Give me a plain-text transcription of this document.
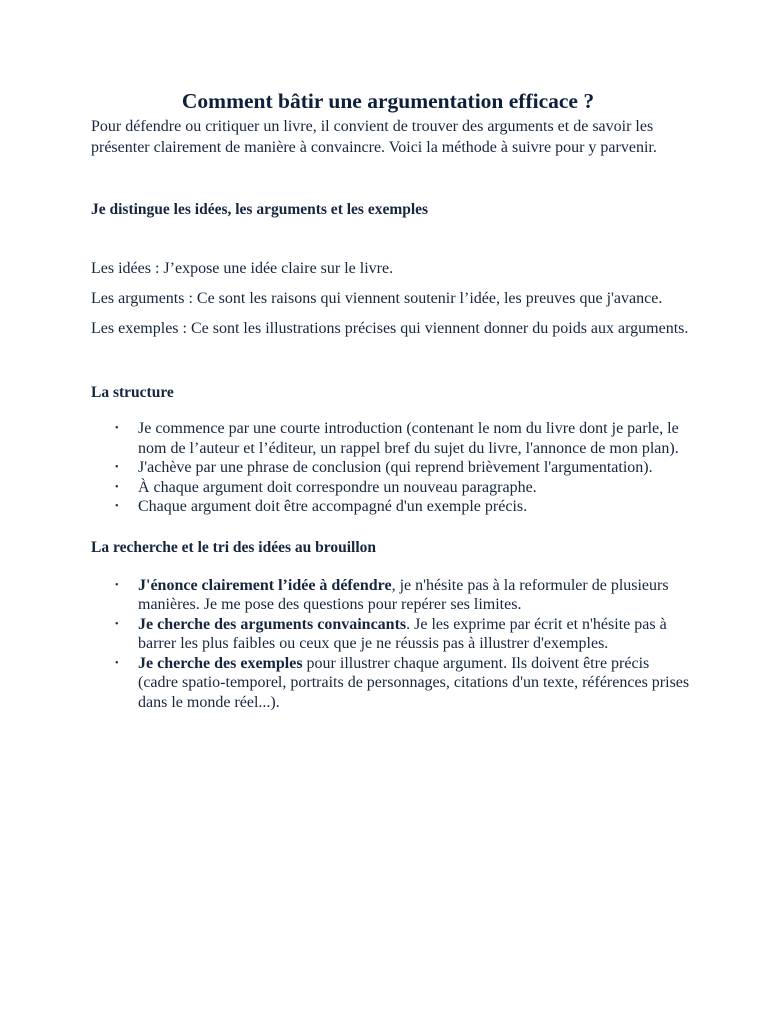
Comment bâtir une argumentation efficace ?

Pour défendre ou critiquer un livre, il convient de trouver des arguments et de savoir les présenter clairement de manière à convaincre. Voici la méthode à suivre pour y parvenir.

Je distingue les idées, les arguments et les exemples

Les idées : J’expose une idée claire sur le livre.

Les arguments : Ce sont les raisons qui viennent soutenir l’idée, les preuves que j'avance.

Les exemples : Ce sont les illustrations précises qui viennent donner du poids aux arguments.

La structure

• Je commence par une courte introduction (contenant le nom du livre dont je parle, le nom de l’auteur et l’éditeur, un rappel bref du sujet du livre, l'annonce de mon plan).
• J'achève par une phrase de conclusion (qui reprend brièvement l'argumentation).
• À chaque argument doit correspondre un nouveau paragraphe.
• Chaque argument doit être accompagné d'un exemple précis.

La recherche et le tri des idées au brouillon

• J'énonce clairement l’idée à défendre, je n'hésite pas à la reformuler de plusieurs manières. Je me pose des questions pour repérer ses limites.
• Je cherche des arguments convaincants. Je les exprime par écrit et n'hésite pas à barrer les plus faibles ou ceux que je ne réussis pas à illustrer d'exemples.
• Je cherche des exemples pour illustrer chaque argument. Ils doivent être précis (cadre spatio-temporel, portraits de personnages, citations d'un texte, références prises dans le monde réel...).
